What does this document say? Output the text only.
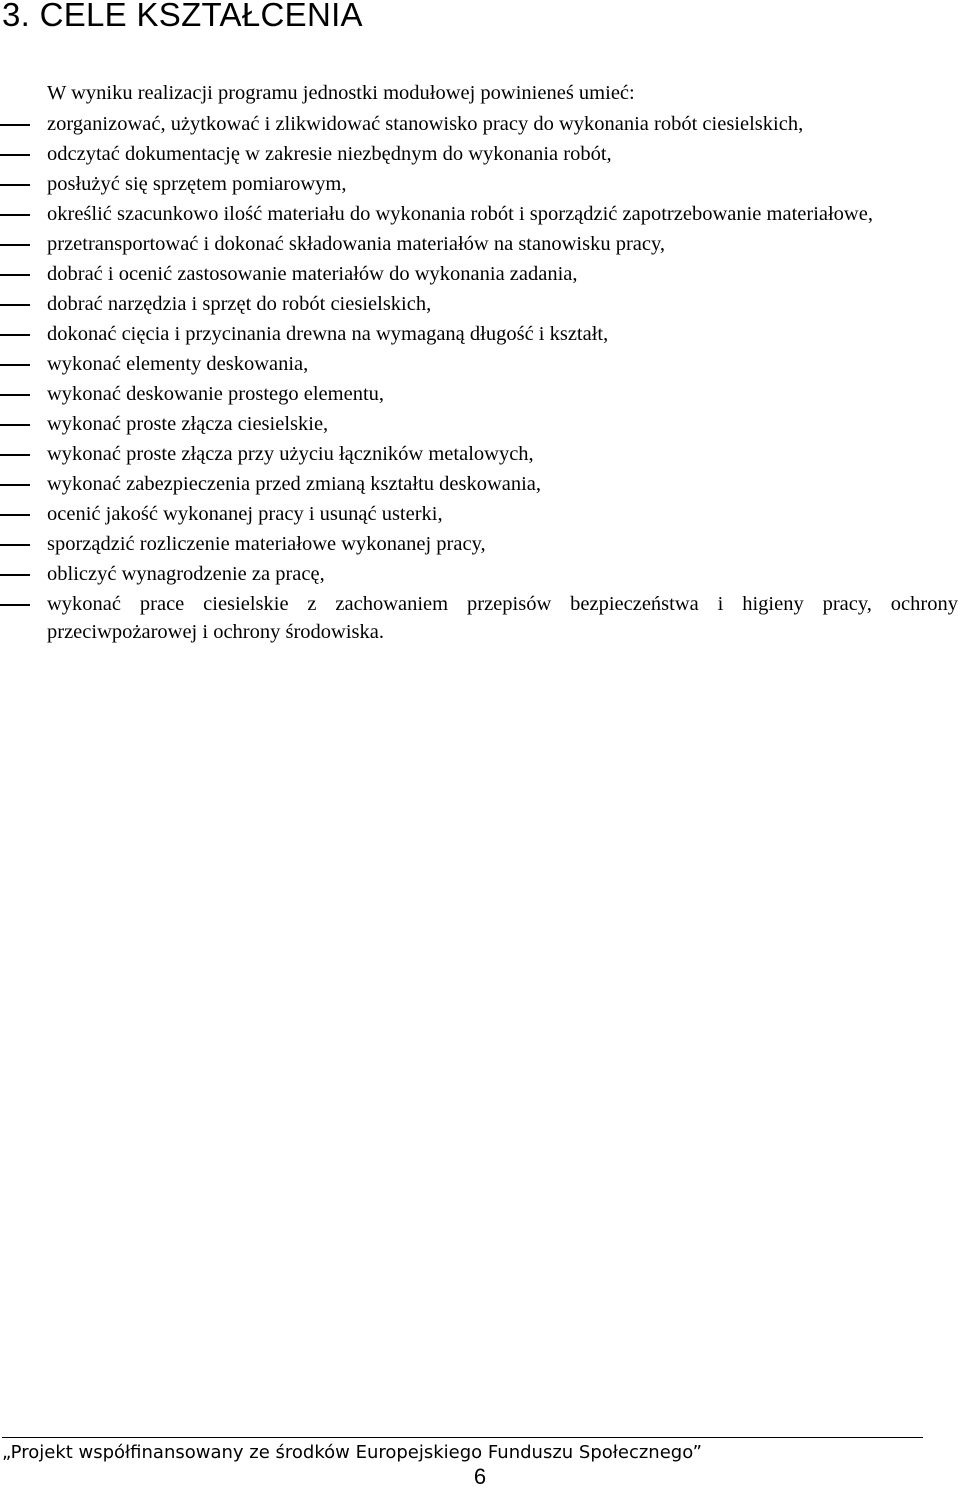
3. CELE KSZTAŁCENIA
W wyniku realizacji programu jednostki modułowej powinieneś umieć:
zorganizować, użytkować i zlikwidować stanowisko pracy do wykonania robót ciesielskich,
odczytać dokumentację w zakresie niezbędnym do wykonania robót,
posłużyć się sprzętem pomiarowym,
określić szacunkowo ilość materiału do wykonania robót i sporządzić zapotrzebowanie materiałowe,
przetransportować i dokonać składowania materiałów na stanowisku pracy,
dobrać i ocenić zastosowanie materiałów do wykonania zadania,
dobrać narzędzia i sprzęt do robót ciesielskich,
dokonać cięcia i przycinania drewna na wymaganą długość i kształt,
wykonać elementy deskowania,
wykonać deskowanie prostego elementu,
wykonać proste złącza ciesielskie,
wykonać proste złącza przy użyciu łączników metalowych,
wykonać zabezpieczenia przed zmianą kształtu deskowania,
ocenić jakość wykonanej pracy i usunąć usterki,
sporządzić rozliczenie materiałowe wykonanej pracy,
obliczyć wynagrodzenie za pracę,
wykonać prace ciesielskie z zachowaniem przepisów bezpieczeństwa i higieny pracy, ochrony przeciwpożarowej i ochrony środowiska.
„Projekt współfinansowany ze środków Europejskiego Funduszu Społecznego”
6
